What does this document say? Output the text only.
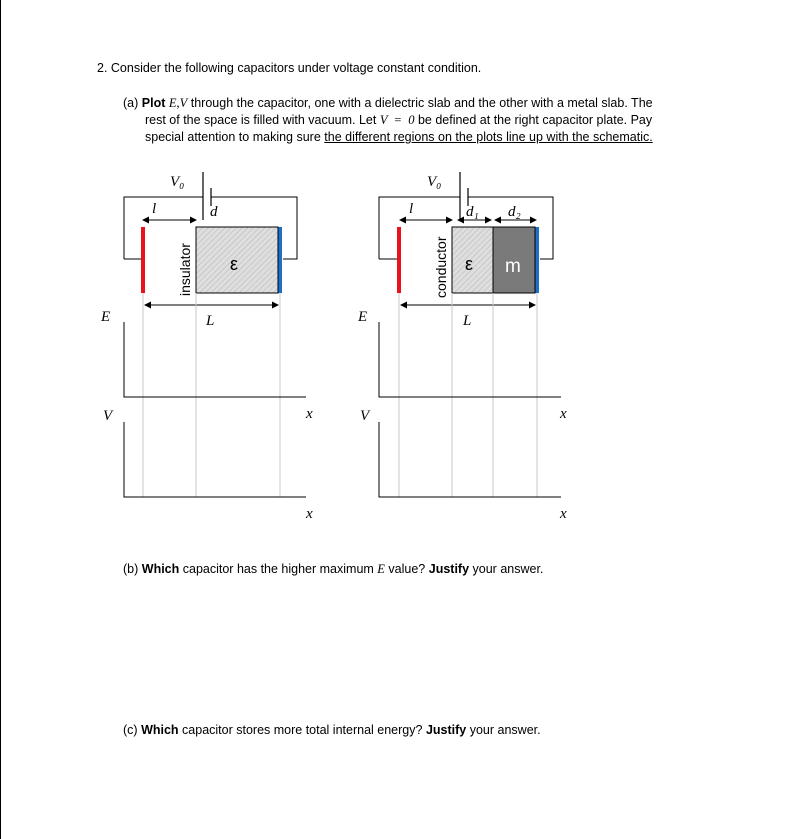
2. Consider the following capacitors under voltage constant condition.
(a) Plot E,V through the capacitor, one with a dielectric slab and the other with a metal slab. The
rest of the space is filled with vacuum. Let V  =  0 be defined at the right capacitor plate. Pay
special attention to making sure the different regions on the plots line up with the schematic.
V₀
l	d
ε
insulator
L
E
V	x
x
V₀
l	d₁ d₂
ε m
conductor
L
E
V	x
x
(b) Which capacitor has the higher maximum E value? Justify your answer.
(c) Which capacitor stores more total internal energy? Justify your answer.
